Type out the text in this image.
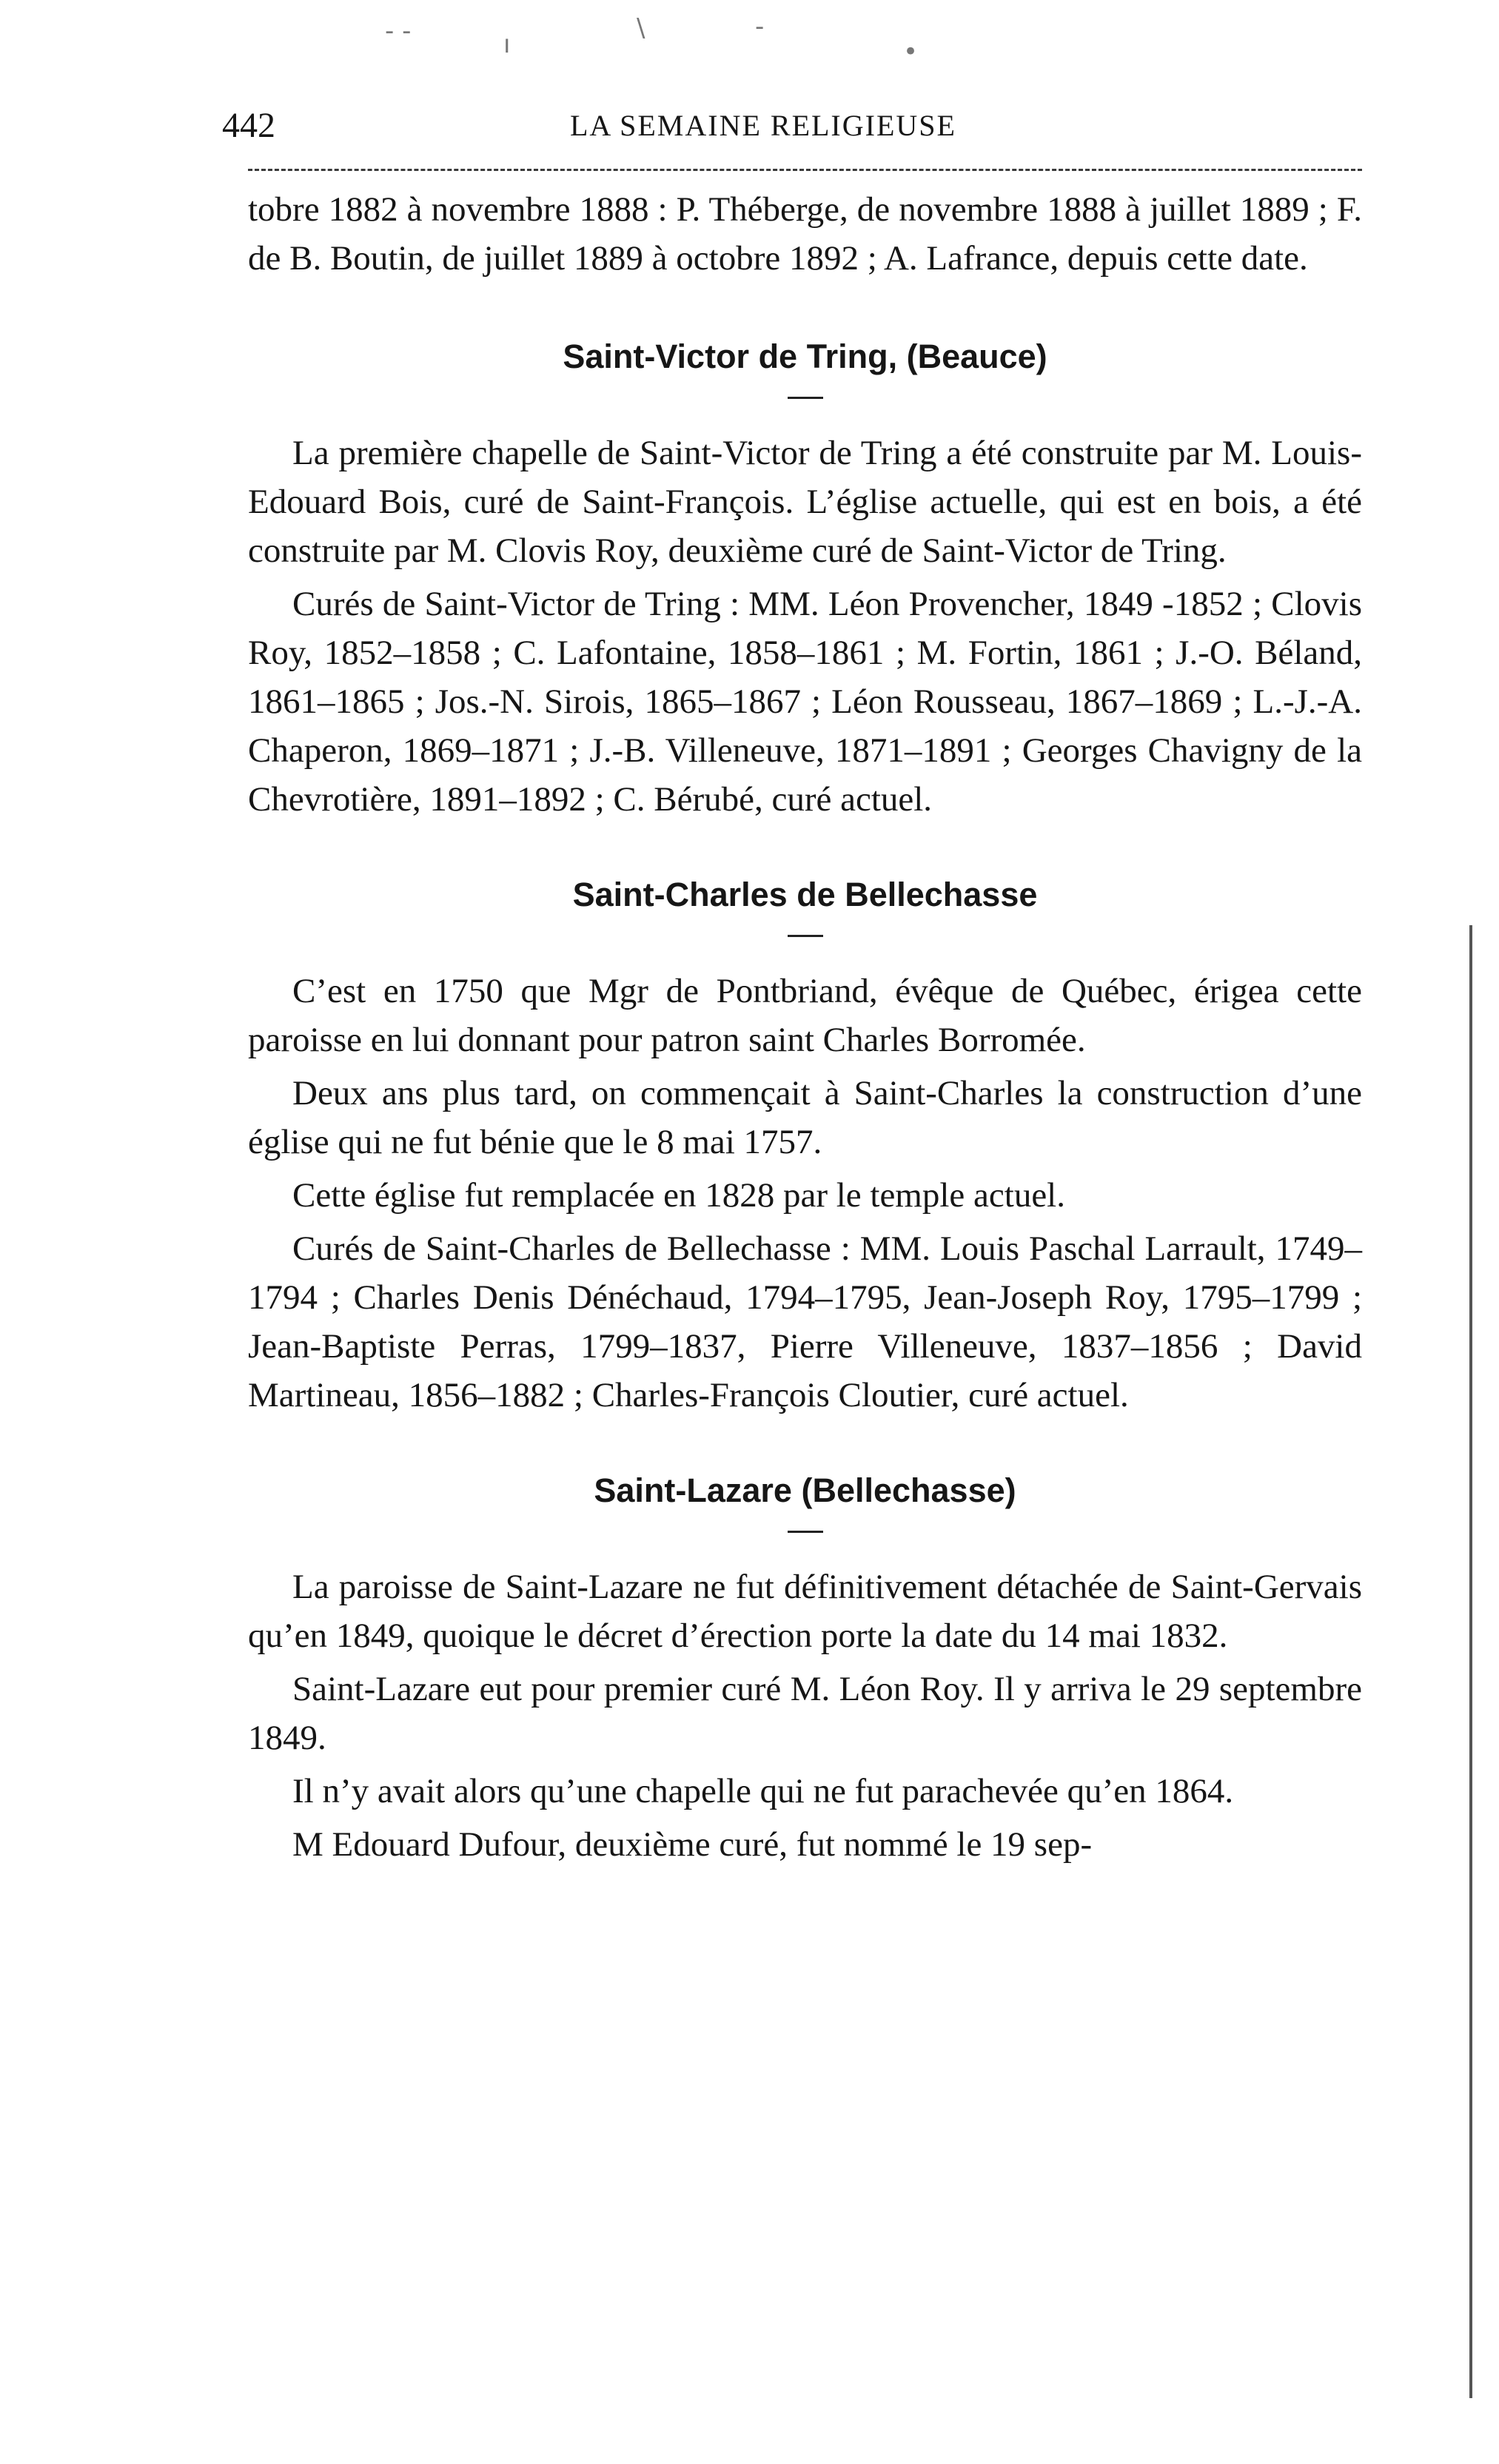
- -	ı
\	-
•
442	LA SEMAINE RELIGIEUSE

tobre 1882 à novembre 1888 : P. Théberge, de novembre 1888 à juillet 1889 ; F. de B. Boutin, de juillet 1889 à octobre 1892 ; A. Lafrance, depuis cette date.

Saint-Victor de Tring, (Beauce)

La première chapelle de Saint-Victor de Tring a été construite par M. Louis-Edouard Bois, curé de Saint-François. L’église actuelle, qui est en bois, a été construite par M. Clovis Roy, deuxième curé de Saint-Victor de Tring.

Curés de Saint-Victor de Tring : MM. Léon Provencher, 1849 -1852 ; Clovis Roy, 1852–1858 ; C. Lafontaine, 1858–1861 ; M. Fortin, 1861 ; J.-O. Béland, 1861–1865 ; Jos.-N. Sirois, 1865–1867 ; Léon Rousseau, 1867–1869 ; L.-J.-A. Chaperon, 1869–1871 ; J.-B. Villeneuve, 1871–1891 ; Georges Chavigny de la Chevrotière, 1891–1892 ; C. Bérubé, curé actuel.

Saint-Charles de Bellechasse

C’est en 1750 que Mgr de Pontbriand, évêque de Québec, érigea cette paroisse en lui donnant pour patron saint Charles Borromée.

Deux ans plus tard, on commençait à Saint-Charles la construction d’une église qui ne fut bénie que le 8 mai 1757.

Cette église fut remplacée en 1828 par le temple actuel.

Curés de Saint-Charles de Bellechasse : MM. Louis Paschal Larrault, 1749–1794 ; Charles Denis Dénéchaud, 1794–1795, Jean-Joseph Roy, 1795–1799 ; Jean-Baptiste Perras, 1799–1837, Pierre Villeneuve, 1837–1856 ; David Martineau, 1856–1882 ; Charles-François Cloutier, curé actuel.

Saint-Lazare (Bellechasse)

La paroisse de Saint-Lazare ne fut définitivement détachée de Saint-Gervais qu’en 1849, quoique le décret d’érection porte la date du 14 mai 1832.

Saint-Lazare eut pour premier curé M. Léon Roy. Il y arriva le 29 septembre 1849.

Il n’y avait alors qu’une chapelle qui ne fut parachevée qu’en 1864.

M Edouard Dufour, deuxième curé, fut nommé le 19 sep-
